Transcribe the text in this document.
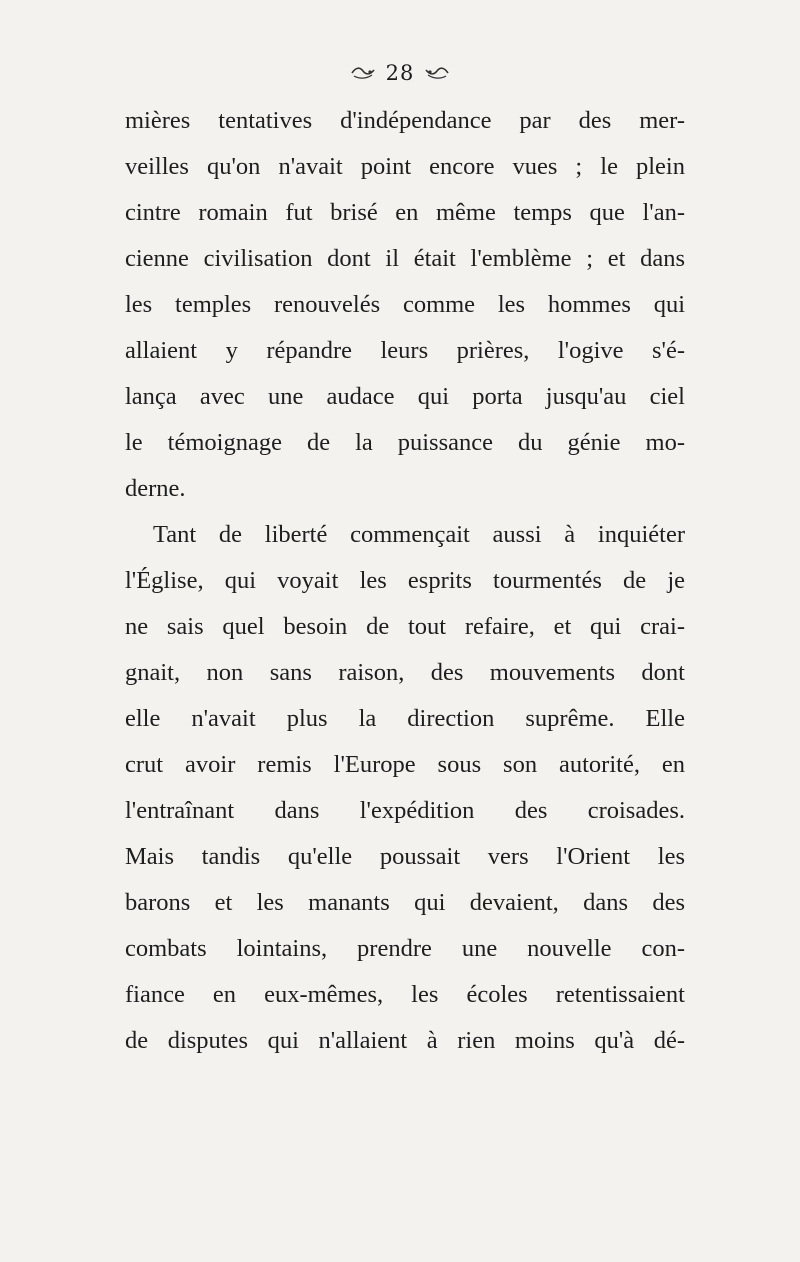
28
mières tentatives d'indépendance par des mer-
veilles qu'on n'avait point encore vues ; le plein
cintre romain fut brisé en même temps que l'an-
cienne civilisation dont il était l'emblème ; et dans
les temples renouvelés comme les hommes qui
allaient y répandre leurs prières, l'ogive s'é-
lança avec une audace qui porta jusqu'au ciel
le témoignage de la puissance du génie mo-
derne.
Tant de liberté commençait aussi à inquiéter
l'Église, qui voyait les esprits tourmentés de je
ne sais quel besoin de tout refaire, et qui crai-
gnait, non sans raison, des mouvements dont
elle n'avait plus la direction suprême. Elle
crut avoir remis l'Europe sous son autorité, en
l'entraînant dans l'expédition des croisades.
Mais tandis qu'elle poussait vers l'Orient les
barons et les manants qui devaient, dans des
combats lointains, prendre une nouvelle con-
fiance en eux-mêmes, les écoles retentissaient
de disputes qui n'allaient à rien moins qu'à dé-
